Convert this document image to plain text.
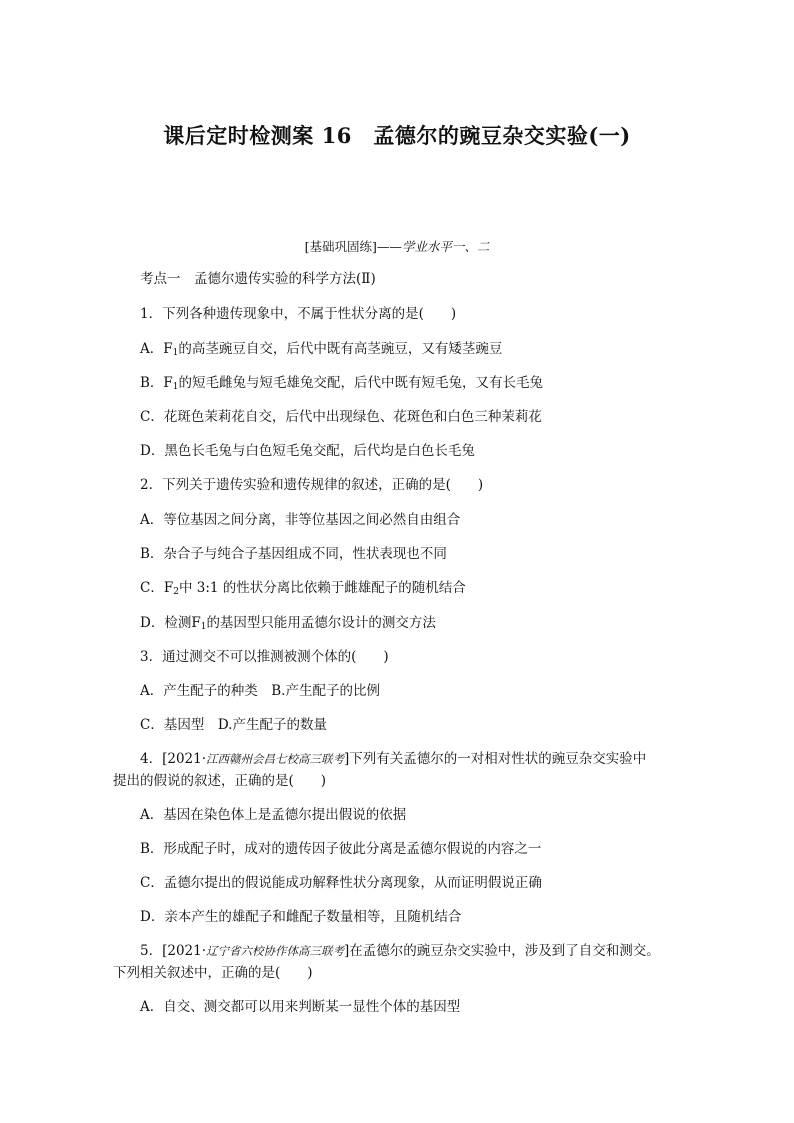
课后定时检测案 16　孟德尔的豌豆杂交实验(一)
[基础巩固练]——学业水平一、二
考点一　孟德尔遗传实验的科学方法(Ⅱ)
1．下列各种遗传现象中，不属于性状分离的是(　　)
A．$F_1$的高茎豌豆自交，后代中既有高茎豌豆，又有矮茎豌豆
B．$F_1$的短毛雌兔与短毛雄兔交配，后代中既有短毛兔，又有长毛兔
C．花斑色茉莉花自交，后代中出现绿色、花斑色和白色三种茉莉花
D．黑色长毛兔与白色短毛兔交配，后代均是白色长毛兔
2．下列关于遗传实验和遗传规律的叙述，正确的是(　　)
A．等位基因之间分离，非等位基因之间必然自由组合
B．杂合子与纯合子基因组成不同，性状表现也不同
C．$F_2$中 3:1 的性状分离比依赖于雌雄配子的随机结合
D．检测$F_1$的基因型只能用孟德尔设计的测交方法
3．通过测交不可以推测被测个体的(　　)
A．产生配子的种类　B.产生配子的比例
C．基因型　D.产生配子的数量
4．[2021·江西赣州会昌七校高三联考]下列有关孟德尔的一对相对性状的豌豆杂交实验中
提出的假说的叙述，正确的是(　　)
A．基因在染色体上是孟德尔提出假说的依据
B．形成配子时，成对的遗传因子彼此分离是孟德尔假说的内容之一
C．孟德尔提出的假说能成功解释性状分离现象，从而证明假说正确
D．亲本产生的雄配子和雌配子数量相等，且随机结合
5．[2021·辽宁省六校协作体高三联考]在孟德尔的豌豆杂交实验中，涉及到了自交和测交。
下列相关叙述中，正确的是(　　)
A．自交、测交都可以用来判断某一显性个体的基因型
